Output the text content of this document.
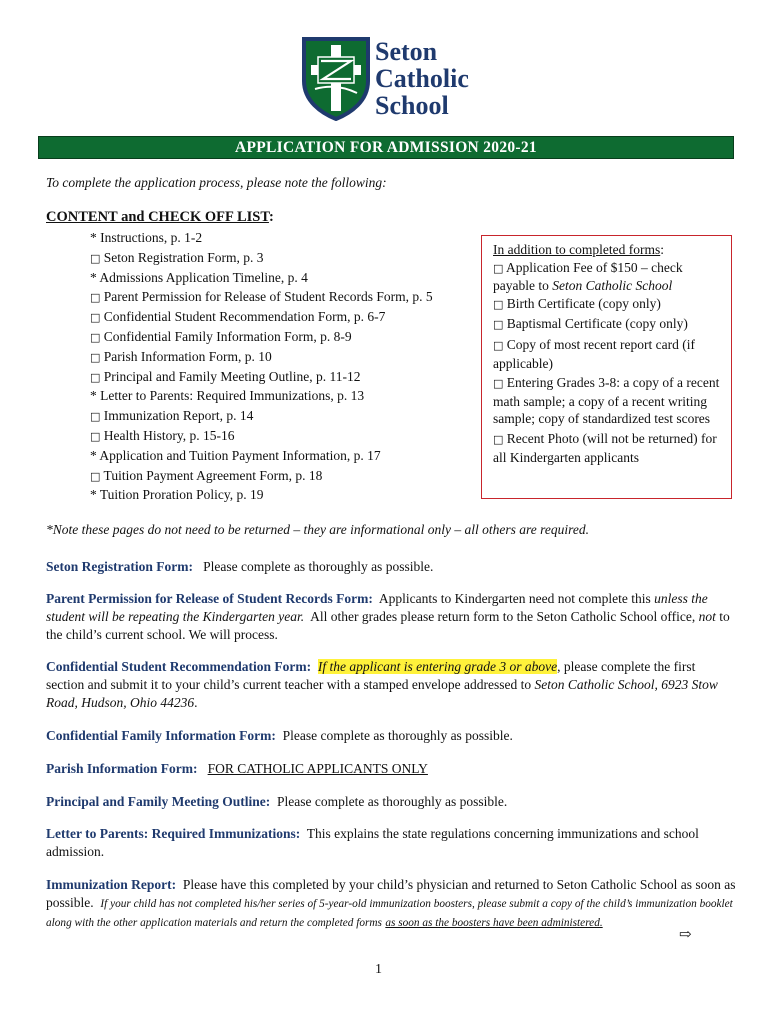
Seton
Catholic
School
APPLICATION FOR ADMISSION 2020-21
To complete the application process, please note the following:
CONTENT and CHECK OFF LIST:
* Instructions, p. 1-2
□ Seton Registration Form, p. 3
* Admissions Application Timeline, p. 4
□ Parent Permission for Release of Student Records Form, p. 5
□ Confidential Student Recommendation Form, p. 6-7
□ Confidential Family Information Form, p. 8-9
□ Parish Information Form, p. 10
□ Principal and Family Meeting Outline, p. 11-12
* Letter to Parents: Required Immunizations, p. 13
□ Immunization Report, p. 14
□ Health History, p. 15-16
* Application and Tuition Payment Information, p. 17
□ Tuition Payment Agreement Form, p. 18
* Tuition Proration Policy, p. 19
In addition to completed forms:
□ Application Fee of $150 – check payable to Seton Catholic School
□ Birth Certificate (copy only)
□ Baptismal Certificate (copy only)
□ Copy of most recent report card (if applicable)
□ Entering Grades 3-8: a copy of a recent math sample; a copy of a recent writing sample; copy of standardized test scores
□ Recent Photo (will not be returned) for all Kindergarten applicants
*Note these pages do not need to be returned – they are informational only – all others are required.
Seton Registration Form: Please complete as thoroughly as possible.
Parent Permission for Release of Student Records Form: Applicants to Kindergarten need not complete this unless the student will be repeating the Kindergarten year. All other grades please return form to the Seton Catholic School office, not to the child’s current school. We will process.
Confidential Student Recommendation Form: If the applicant is entering grade 3 or above, please complete the first section and submit it to your child’s current teacher with a stamped envelope addressed to Seton Catholic School, 6923 Stow Road, Hudson, Ohio 44236.
Confidential Family Information Form: Please complete as thoroughly as possible.
Parish Information Form: FOR CATHOLIC APPLICANTS ONLY
Principal and Family Meeting Outline: Please complete as thoroughly as possible.
Letter to Parents: Required Immunizations: This explains the state regulations concerning immunizations and school admission.
Immunization Report: Please have this completed by your child’s physician and returned to Seton Catholic School as soon as possible. If your child has not completed his/her series of 5-year-old immunization boosters, please submit a copy of the child’s immunization booklet along with the other application materials and return the completed forms as soon as the boosters have been administered.
⇨
1
